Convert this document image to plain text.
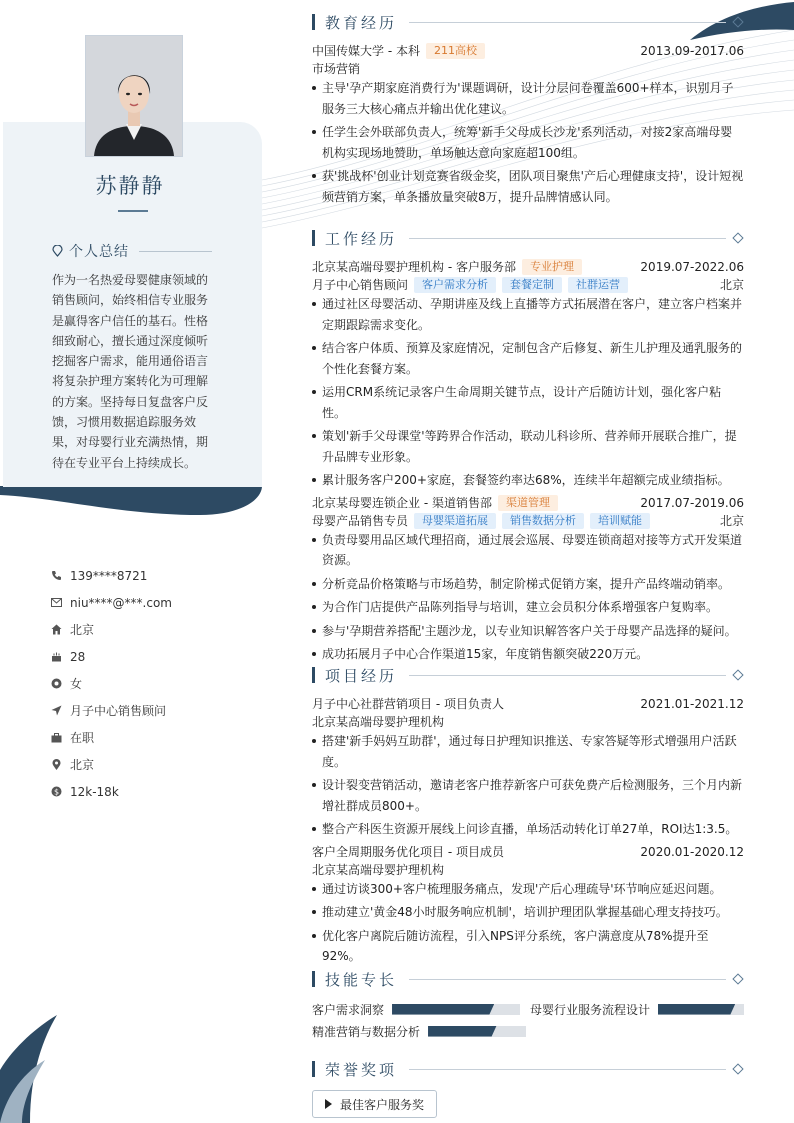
苏静静
个人总结
作为一名热爱母婴健康领域的销售顾问，始终相信专业服务是赢得客户信任的基石。性格细致耐心，擅长通过深度倾听挖掘客户需求，能用通俗语言将复杂护理方案转化为可理解的方案。坚持每日复盘客户反馈，习惯用数据追踪服务效果，对母婴行业充满热情，期待在专业平台上持续成长。
139****8721
niu****@***.com
北京
28
女
月子中心销售顾问
在职
北京
$ 12k-18k
教育经历
中国传媒大学 - 本科	211高校	2013.09-2017.06
市场营销
主导'孕产期家庭消费行为'课题调研，设计分层问卷覆盖600+样本，识别月子服务三大核心痛点并输出优化建议。
任学生会外联部负责人，统筹'新手父母成长沙龙'系列活动，对接2家高端母婴机构实现场地赞助，单场触达意向家庭超100组。
获'挑战杯'创业计划竞赛省级金奖，团队项目聚焦'产后心理健康支持'，设计短视频营销方案，单条播放量突破8万，提升品牌情感认同。
工作经历
北京某高端母婴护理机构 - 客户服务部	专业护理	2019.07-2022.06
月子中心销售顾问	客户需求分析	套餐定制	社群运营	北京
通过社区母婴活动、孕期讲座及线上直播等方式拓展潜在客户，建立客户档案并定期跟踪需求变化。
结合客户体质、预算及家庭情况，定制包含产后修复、新生儿护理及通乳服务的个性化套餐方案。
运用CRM系统记录客户生命周期关键节点，设计产后随访计划，强化客户粘性。
策划'新手父母课堂'等跨界合作活动，联动儿科诊所、营养师开展联合推广，提升品牌专业形象。
累计服务客户200+家庭，套餐签约率达68%，连续半年超额完成业绩指标。
北京某母婴连锁企业 - 渠道销售部	渠道管理	2017.07-2019.06
母婴产品销售专员	母婴渠道拓展	销售数据分析	培训赋能	北京
负责母婴用品区域代理招商，通过展会巡展、母婴连锁商超对接等方式开发渠道资源。
分析竞品价格策略与市场趋势，制定阶梯式促销方案，提升产品终端动销率。
为合作门店提供产品陈列指导与培训，建立会员积分体系增强客户复购率。
参与'孕期营养搭配'主题沙龙，以专业知识解答客户关于母婴产品选择的疑问。
成功拓展月子中心合作渠道15家，年度销售额突破220万元。
项目经历
月子中心社群营销项目 - 项目负责人	2021.01-2021.12
北京某高端母婴护理机构
搭建'新手妈妈互助群'，通过每日护理知识推送、专家答疑等形式增强用户活跃度。
设计裂变营销活动，邀请老客户推荐新客户可获免费产后检测服务，三个月内新增社群成员800+。
整合产科医生资源开展线上问诊直播，单场活动转化订单27单，ROI达1:3.5。
客户全周期服务优化项目 - 项目成员	2020.01-2020.12
北京某高端母婴护理机构
通过访谈300+客户梳理服务痛点，发现'产后心理疏导'环节响应延迟问题。
推动建立'黄金48小时服务响应机制'，培训护理团队掌握基础心理支持技巧。
优化客户离院后随访流程，引入NPS评分系统，客户满意度从78%提升至92%。
技能专长
客户需求洞察	母婴行业服务流程设计
精准营销与数据分析
荣誉奖项
最佳客户服务奖
